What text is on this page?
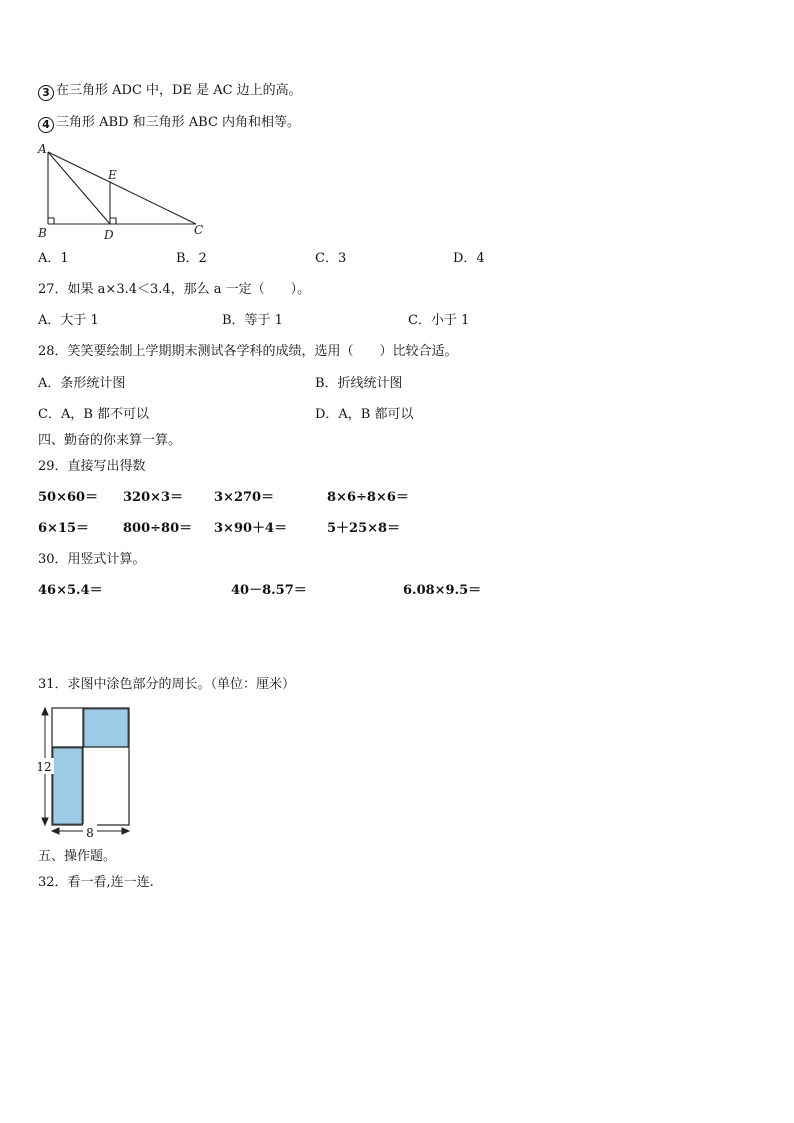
3 在三角形 ADC 中，DE 是 AC 边上的高。
4 三角形 ABD 和三角形 ABC 内角和相等。
A
B	C
D
E
A．1	B．2	C．3	D．4
27．如果 a×3.4＜3.4，那么 a 一定（　　）。
A．大于 1	B．等于 1	C．小于 1
28．笑笑要绘制上学期期末测试各学科的成绩，选用（　　）比较合适。
A．条形统计图	B．折线统计图
C．A，B 都不可以	D．A，B 都可以
四、勤奋的你来算一算。
29．直接写出得数
50×60＝ 320×3＝ 3×270＝	8×6÷8×6＝
6×15＝	800÷80＝ 3×90＋4＝	5＋25×8＝
30．用竖式计算。
46×5.4＝	40－8.57＝	6.08×9.5＝
31．求图中涂色部分的周长。（单位：厘米）
12
8
五、操作题。
32．看一看,连一连.
